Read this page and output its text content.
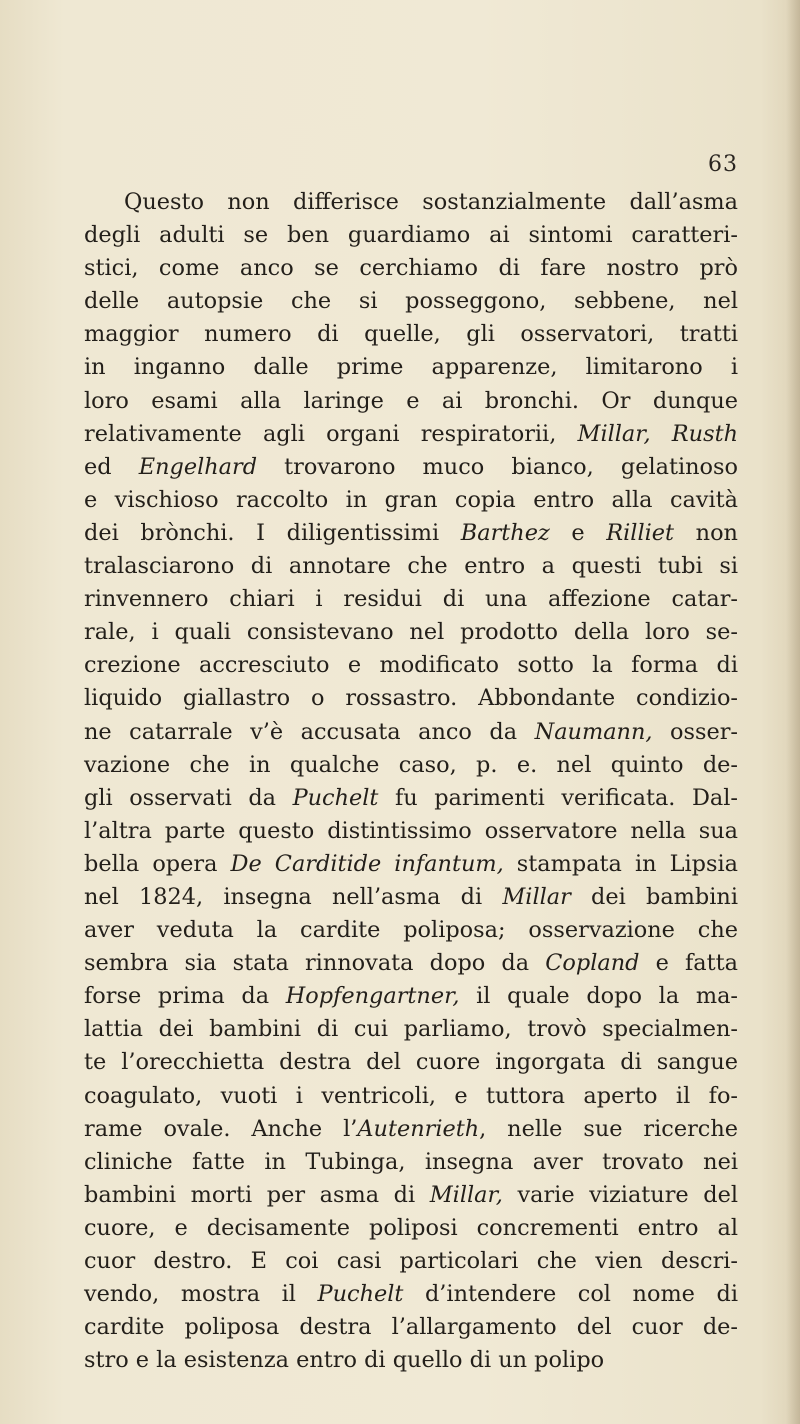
63
Questo non differisce sostanzialmente dall’asma
degli adulti se ben guardiamo ai sintomi caratteri-
stici, come anco se cerchiamo di fare nostro prò
delle autopsie che si posseggono, sebbene, nel
maggior numero di quelle, gli osservatori, tratti
in inganno dalle prime apparenze, limitarono i
loro esami alla laringe e ai bronchi. Or dunque
relativamente agli organi respiratorii, Millar, Rusth
ed Engelhard trovarono muco bianco, gelatinoso
e vischioso raccolto in gran copia entro alla cavità
dei brònchi. I diligentissimi Barthez e Rilliet non
tralasciarono di annotare che entro a questi tubi si
rinvennero chiari i residui di una affezione catar-
rale, i quali consistevano nel prodotto della loro se-
crezione accresciuto e modificato sotto la forma di
liquido giallastro o rossastro. Abbondante condizio-
ne catarrale v’è accusata anco da Naumann, osser-
vazione che in qualche caso, p. e. nel quinto de-
gli osservati da Puchelt fu parimenti verificata. Dal-
l’altra parte questo distintissimo osservatore nella sua
bella opera De Carditide infantum, stampata in Lipsia
nel 1824, insegna nell’asma di Millar dei bambini
aver veduta la cardite poliposa; osservazione che
sembra sia stata rinnovata dopo da Copland e fatta
forse prima da Hopfengartner, il quale dopo la ma-
lattia dei bambini di cui parliamo, trovò specialmen-
te l’orecchietta destra del cuore ingorgata di sangue
coagulato, vuoti i ventricoli, e tuttora aperto il fo-
rame ovale. Anche l’Autenrieth, nelle sue ricerche
cliniche fatte in Tubinga, insegna aver trovato nei
bambini morti per asma di Millar, varie viziature del
cuore, e decisamente poliposi concrementi entro al
cuor destro. E coi casi particolari che vien descri-
vendo, mostra il Puchelt d’intendere col nome di
cardite poliposa destra l’allargamento del cuor de-
stro e la esistenza entro di quello di un polipo
